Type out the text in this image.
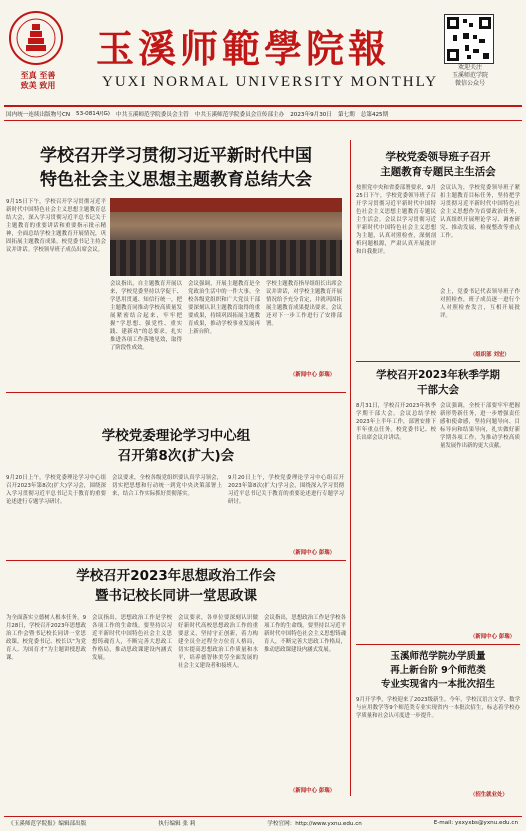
至真 至善
致美 致用
玉溪师範學院報
YUXI NORMAL UNIVERSITY MONTHLY
欢迎关注
玉溪师范学院
微信公众号
国内统一连续出版物号CN 53-0814/(G) 中共玉溪师范学院委员会主管 中共玉溪师范学院委员会宣传部主办 2023年9月30日 第七期 总第425期
学校召开学习贯彻习近平新时代中国
特色社会主义思想主题教育总结大会
9月15日下午，学校召开学习贯彻习近平新时代中国特色社会主义思想主题教育总结大会，深入学习贯彻习近平总书记关于主题教育的重要讲话和重要指示批示精神，全面总结学校主题教育开展情况，巩固拓展主题教育成果。校党委书记主持会议并讲话。学校领导班子成员出席会议。
会议指出，自主题教育开展以来，学校党委坚持以学促干、学思用贯通、知信行统一，把主题教育同推动学校高质量发展紧密结合起来，牢牢把握“学思想、强党性、重实践、建新功”的总要求，扎实推进各项工作落地见效，取得了阶段性成效。
会议强调，开展主题教育是全党政治生活中的一件大事。全校各级党组织和广大党员干部要深刻认识主题教育取得的重要成果，持续巩固拓展主题教育成果，推动学校事业发展再上新台阶。
学校主题教育指导组组长出席会议并讲话，对学校主题教育开展情况给予充分肯定，并就巩固拓展主题教育成果提出要求。会议还对下一步工作进行了安排部署。
（新闻中心 彭瑞）
学校党委领导班子召开
主题教育专题民主生活会
按照党中央和省委部署要求，9月25日下午，学校党委领导班子召开学习贯彻习近平新时代中国特色社会主义思想主题教育专题民主生活会。会议以学习贯彻习近平新时代中国特色社会主义思想为主题，认真对照检查，深刻剖析问题根源，严肃认真开展批评和自我批评。
会议认为，学校党委领导班子紧扣主题教育目标任务，坚持把学习贯彻习近平新时代中国特色社会主义思想作为首要政治任务，认真组织开展理论学习、调查研究、推动发展、检视整改等重点工作。
会上，党委书记代表领导班子作对照检查，班子成员逐一进行个人对照检查发言，互相开展批评。
（组织部 刘宏）
学校召开2023年秋季学期
干部大会
8月31日，学校召开2023年秋季学期干部大会。会议总结学校2023年上半年工作，部署安排下半年重点任务。校党委书记、校长出席会议并讲话。
会议强调，全校干部要牢牢把握新形势新任务，进一步增强责任感和使命感，坚持问题导向、目标导向和结果导向，扎实做好新学期各项工作，为推动学校高质量发展作出新的更大贡献。
（新闻中心 彭瑞）
玉溪师范学院办学质量
再上新台阶 9个师范类
专业实现省内一本批次招生
9月开学季，学校迎来了2023级新生。今年，学校汉语言文学、数学与应用数学等9个师范类专业实现省内一本批次招生，标志着学校办学质量和社会认可度进一步提升。
（招生就业处）
学校党委理论学习中心组
召开第8次(扩大)会
9月20日上午，学校党委理论学习中心组召开2023年第8次(扩大)学习会，围绕深入学习贯彻习近平总书记关于教育的重要论述进行专题学习研讨。
会议要求，全校各级党组织要认真学习领会，切实把思想和行动统一到党中央决策部署上来，结合工作实际抓好贯彻落实。
9月20日上午，学校党委理论学习中心组召开2023年第8次(扩大)学习会，围绕深入学习贯彻习近平总书记关于教育的重要论述进行专题学习研讨。
（新闻中心 彭瑞）
学校召开2023年思想政治工作会
暨书记校长同讲一堂思政课
为全面落实立德树人根本任务，9月28日，学校召开2023年思想政治工作会暨书记校长同讲一堂思政课。校党委书记、校长以“为党育人、为国育才”为主题讲授思政课。
会议指出，思想政治工作是学校各项工作的生命线。要坚持以习近平新时代中国特色社会主义思想铸魂育人，不断完善大思政工作格局，推动思政课建设内涵式发展。
会议要求，各单位要深刻认识做好新时代高校思想政治工作的重要意义，坚持守正创新，着力构建全员全过程全方位育人格局，切实提高思想政治工作质量和水平，培养德智体美劳全面发展的社会主义建设者和接班人。
会议指出，思想政治工作是学校各项工作的生命线。要坚持以习近平新时代中国特色社会主义思想铸魂育人，不断完善大思政工作格局，推动思政课建设内涵式发展。
（新闻中心 彭瑞）
《玉溪师范学院报》编辑部出版	执行编辑 张 莉	学校官网：http://www.yxnu.edu.cn	E-mail: yxxyxbs@yxnu.edu.cn
